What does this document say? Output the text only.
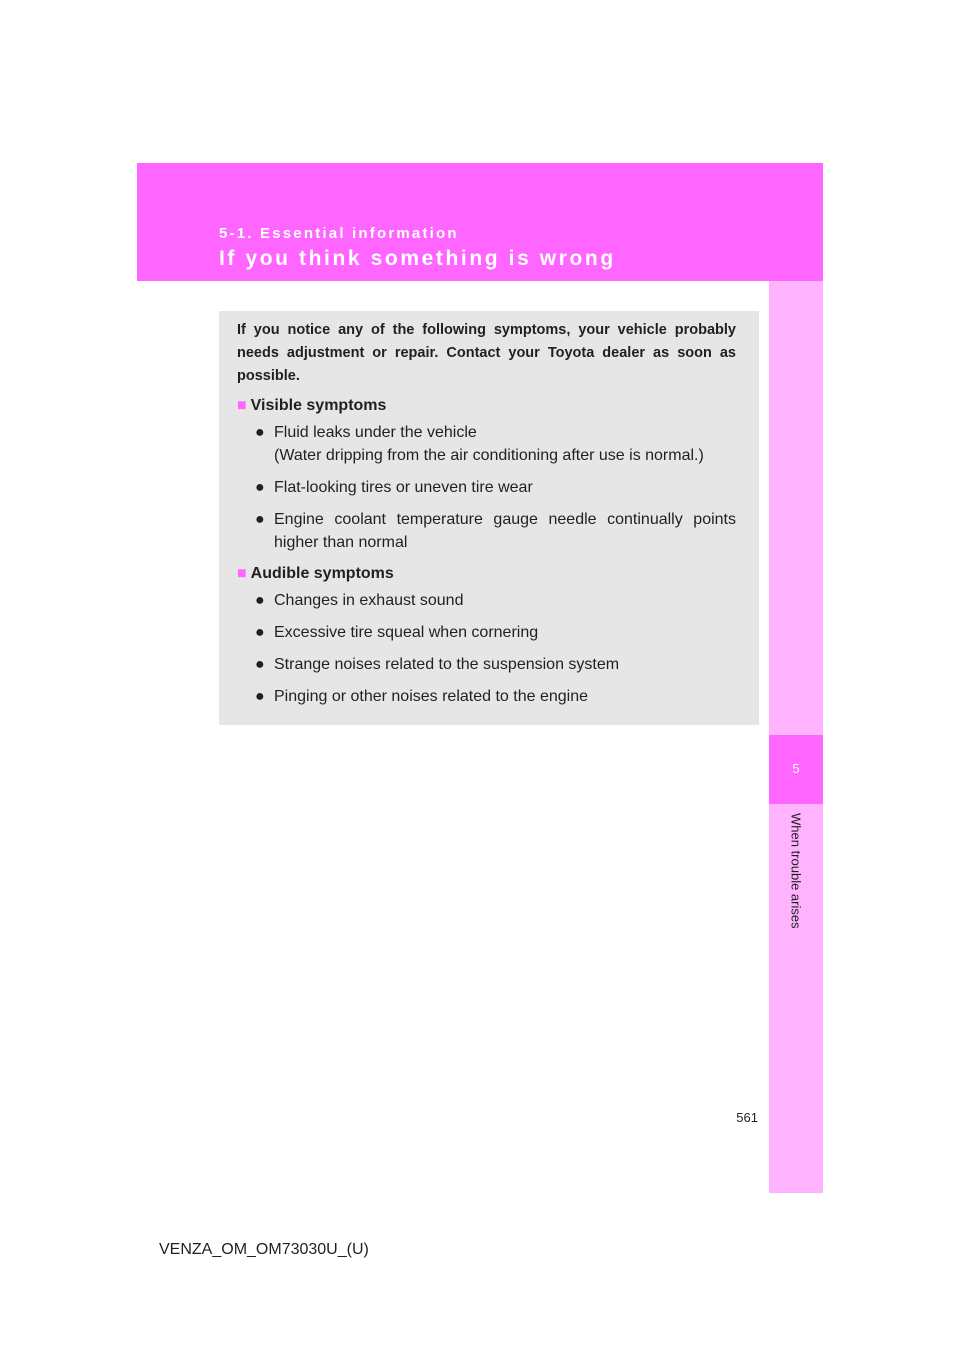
5-1. Essential information
If you think something is wrong
5
When trouble arises
If you notice any of the following symptoms, your vehicle probably needs adjustment or repair. Contact your Toyota dealer as soon as possible.
■ Visible symptoms
● Fluid leaks under the vehicle
(Water dripping from the air conditioning after use is normal.)
● Flat-looking tires or uneven tire wear
● Engine coolant temperature gauge needle continually points higher than normal
■ Audible symptoms
● Changes in exhaust sound
● Excessive tire squeal when cornering
● Strange noises related to the suspension system
● Pinging or other noises related to the engine
561
VENZA_OM_OM73030U_(U)
